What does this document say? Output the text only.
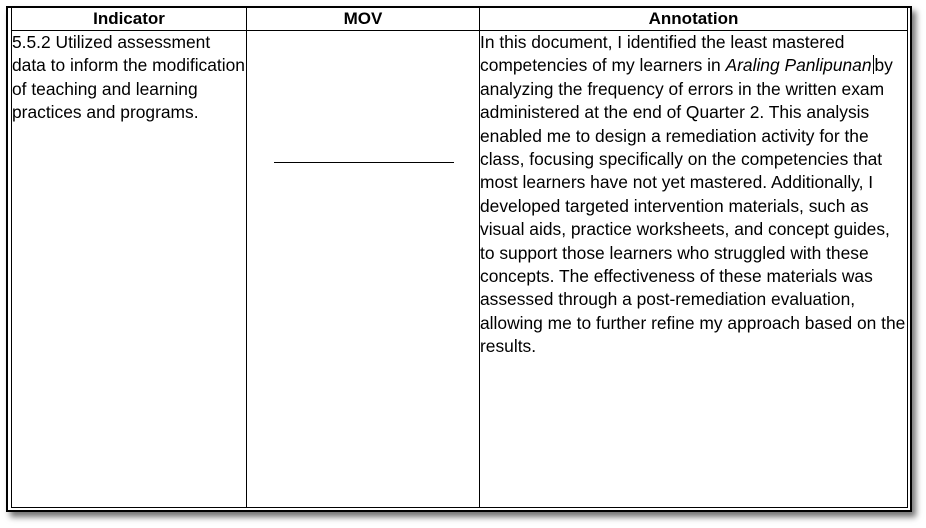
Indicator	MOV	Annotation
5.5.2 Utilized assessment data to inform the modification of teaching and learning practices and programs.		In this document, I identified the least mastered competencies of my learners in Araling Panlipunan by analyzing the frequency of errors in the written exam administered at the end of Quarter 2. This analysis enabled me to design a remediation activity for the class, focusing specifically on the competencies that most learners have not yet mastered. Additionally, I developed targeted intervention materials, such as visual aids, practice worksheets, and concept guides, to support those learners who struggled with these concepts. The effectiveness of these materials was assessed through a post-remediation evaluation, allowing me to further refine my approach based on the results.
